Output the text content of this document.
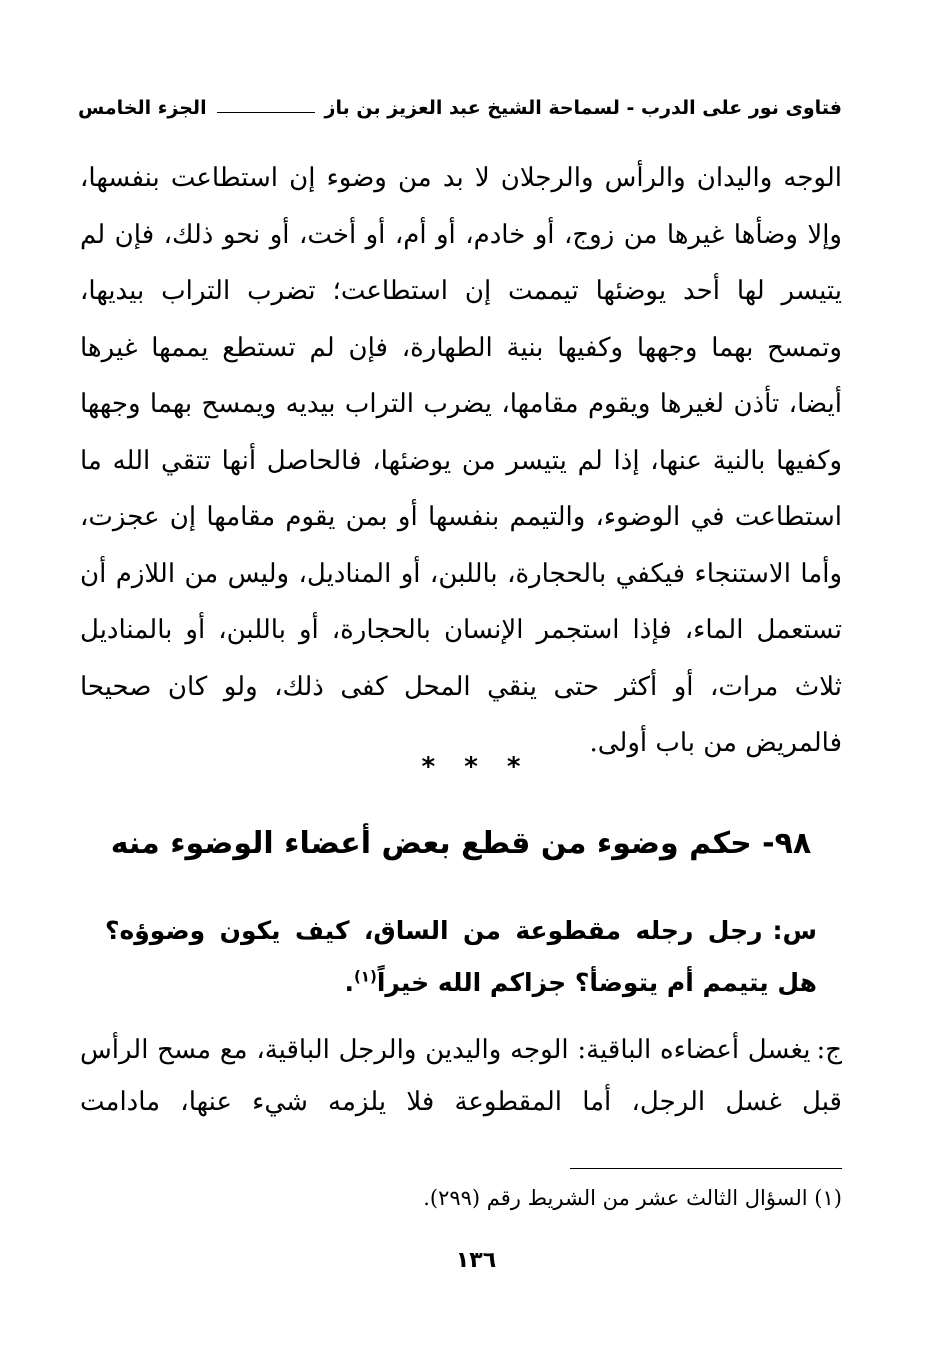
فتاوى نور على الدرب - لسماحة الشيخ عبد العزيز بن باز
الجزء الخامس

الوجه واليدان والرأس والرجلان لا بد من وضوء إن استطاعت بنفسها، وإلا وضأها غيرها من زوج، أو خادم، أو أم، أو أخت، أو نحو ذلك، فإن لم يتيسر لها أحد يوضئها تيممت إن استطاعت؛ تضرب التراب بيديها، وتمسح بهما وجهها وكفيها بنية الطهارة، فإن لم تستطع يممها غيرها أيضا، تأذن لغيرها ويقوم مقامها، يضرب التراب بيديه ويمسح بهما وجهها وكفيها بالنية عنها، إذا لم يتيسر من يوضئها، فالحاصل أنها تتقي الله ما استطاعت في الوضوء، والتيمم بنفسها أو بمن يقوم مقامها إن عجزت، وأما الاستنجاء فيكفي بالحجارة، باللبن، أو المناديل، وليس من اللازم أن تستعمل الماء، فإذا استجمر الإنسان بالحجارة، أو باللبن، أو بالمناديل ثلاث مرات، أو أكثر حتى ينقي المحل كفى ذلك، ولو كان صحيحا فالمريض من باب أولى.

* * *
٩٨- حكم وضوء من قطع بعض أعضاء الوضوء منه
س:رجل رجله مقطوعة من الساق، كيف يكون وضوؤه؟ هل يتيمم أم يتوضأ؟ جزاكم الله خيراً$^{(١)}$.
ج:يغسل أعضاءه الباقية: الوجه واليدين والرجل الباقية، مع مسح الرأس قبل غسل الرجل، أما المقطوعة فلا يلزمه شيء عنها، مادامت
(١) السؤال الثالث عشر من الشريط رقم (٢٩٩).
١٣٦
